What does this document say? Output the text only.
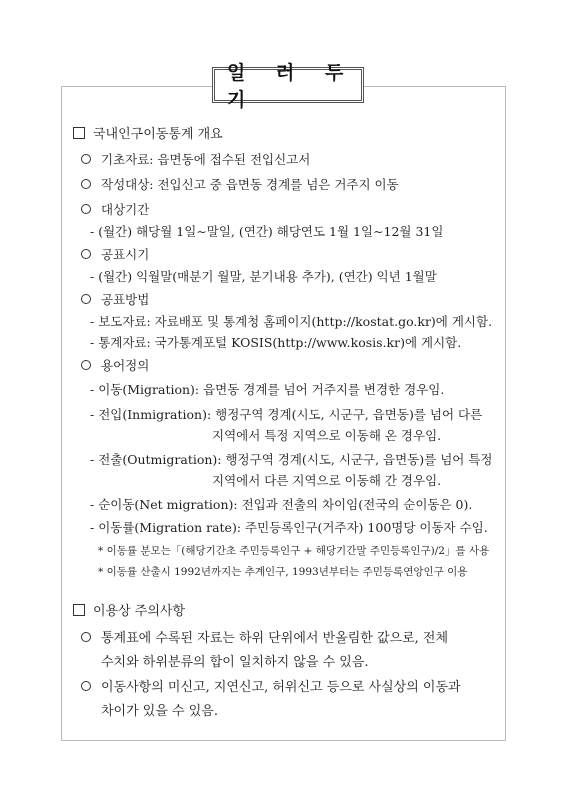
일 러 두 기
국내인구이동통계 개요
기초자료: 읍면동에 접수된 전입신고서
작성대상: 전입신고 중 읍면동 경계를 넘은 거주지 이동
대상기간
- (월간) 해당월 1일∼말일, (연간) 해당연도 1월 1일∼12월 31일
공표시기
- (월간) 익월말(매분기 월말, 분기내용 추가), (연간) 익년 1월말
공표방법
- 보도자료: 자료배포 및 통계청 홈페이지(http://kostat.go.kr)에 게시함.
- 통계자료: 국가통계포털 KOSIS(http://www.kosis.kr)에 게시함.
용어정의
- 이동(Migration): 읍면동 경계를 넘어 거주지를 변경한 경우임.
- 전입(Inmigration): 행정구역 경계(시도, 시군구, 읍면동)를 넘어 다른
지역에서 특정 지역으로 이동해 온 경우임.
- 전출(Outmigration): 행정구역 경계(시도, 시군구, 읍면동)를 넘어 특정
지역에서 다른 지역으로 이동해 간 경우임.
- 순이동(Net migration): 전입과 전출의 차이임(전국의 순이동은 0).
- 이동률(Migration rate): 주민등록인구(거주자) 100명당 이동자 수임.
* 이동률 분모는「(해당기간초 주민등록인구 + 해당기간말 주민등록인구)/2」를 사용
* 이동률 산출시 1992년까지는 추계인구, 1993년부터는 주민등록연앙인구 이용
이용상 주의사항
통계표에 수록된 자료는 하위 단위에서 반올림한 값으로, 전체
수치와 하위분류의 합이 일치하지 않을 수 있음.
이동사항의 미신고, 지연신고, 허위신고 등으로 사실상의 이동과
차이가 있을 수 있음.
